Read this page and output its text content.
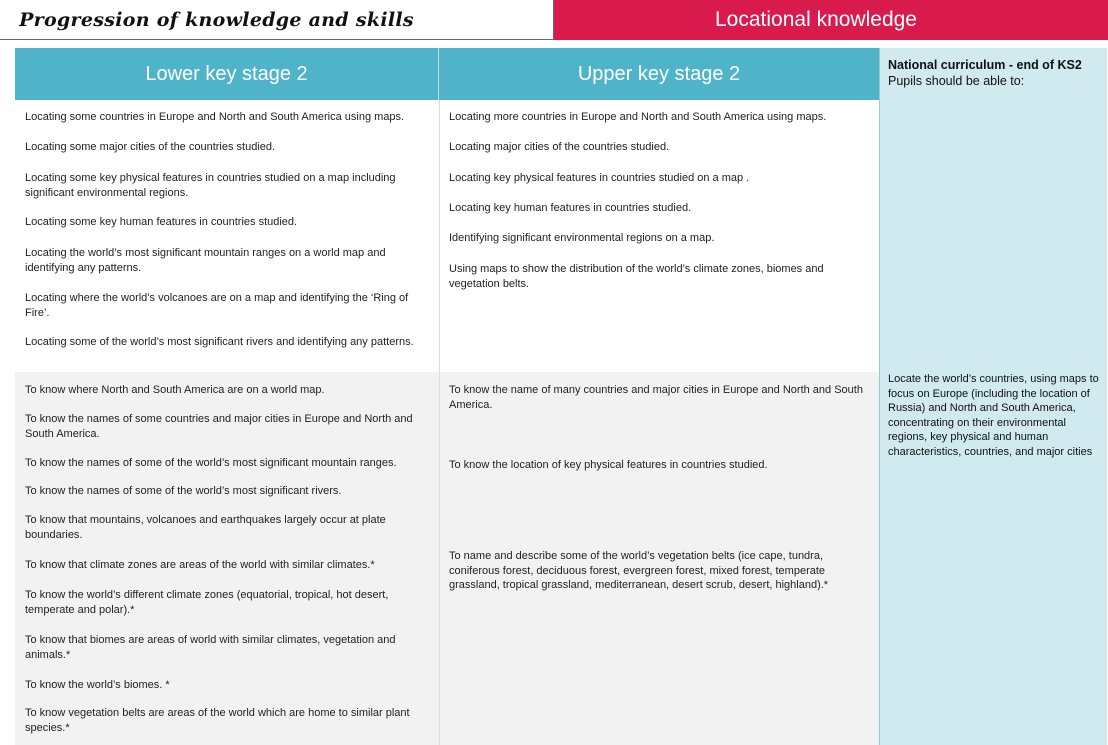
Progression of knowledge and skills	Locational knowledge
Lower key stage 2	Upper key stage 2
Locating some countries in Europe and North and South America using maps.
Locating some major cities of the countries studied.
Locating some key physical features in countries studied on a map including significant environmental regions.
Locating some key human features in countries studied.
Locating the world’s most significant mountain ranges on a world map and identifying any patterns.
Locating where the world’s volcanoes are on a map and identifying the ‘Ring of Fire’.
Locating some of the world’s most significant rivers and identifying any patterns.
Locating more countries in Europe and North and South America using maps.
Locating major cities of the countries studied.
Locating key physical features in countries studied on a map .
Locating key human features in countries studied.
Identifying significant environmental regions on a map.
Using maps to show the distribution of the world’s climate zones, biomes and vegetation belts.
To know where North and South America are on a world map.
To know the names of some countries and major cities in Europe and North and South America.
To know the names of some of the world’s most significant mountain ranges.
To know the names of some of the world’s most significant rivers.
To know that mountains, volcanoes and earthquakes largely occur at plate boundaries.
To know that climate zones are areas of the world with similar climates.*
To know the world’s different climate zones (equatorial, tropical, hot desert, temperate and polar).*
To know that biomes are areas of world with similar climates, vegetation and animals.*
To know the world’s biomes. *
To know vegetation belts are areas of the world which are home to similar plant species.*
To know the name of many countries and major cities in Europe and North and South America.
To know the location of key physical features in countries studied.
To name and describe some of the world’s vegetation belts (ice cape, tundra, coniferous forest, deciduous forest, evergreen forest, mixed forest, temperate grassland, tropical grassland, mediterranean, desert scrub, desert, highland).*
National curriculum - end of KS2
Pupils should be able to:
Locate the world’s countries, using maps to focus on Europe (including the location of Russia) and North and South America, concentrating on their environmental regions, key physical and human characteristics, countries, and major cities
